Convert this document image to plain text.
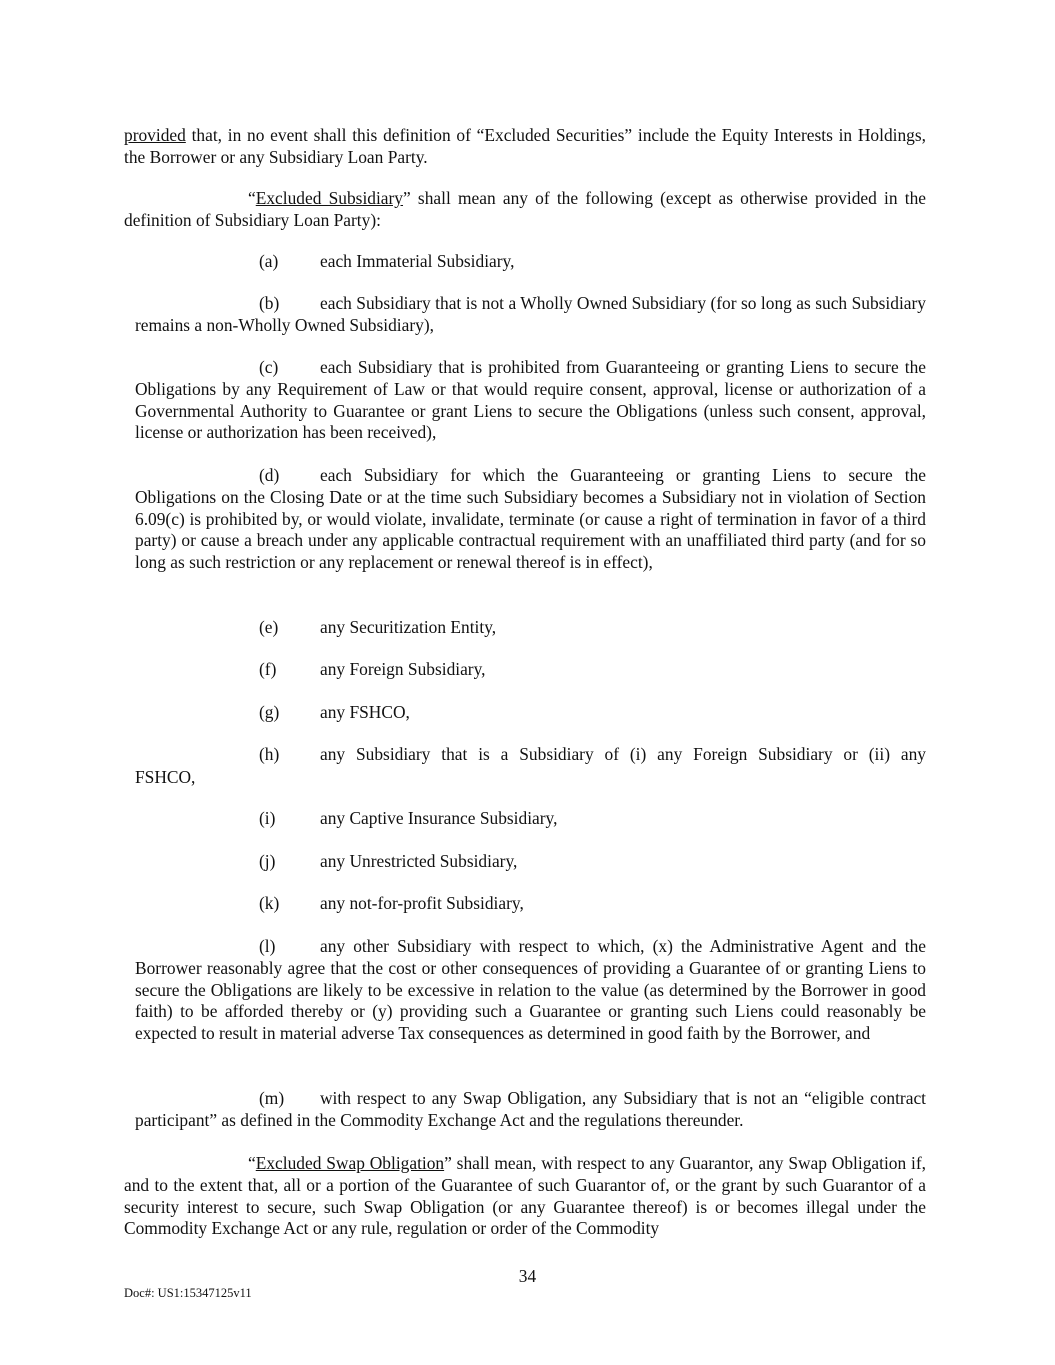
provided that, in no event shall this definition of “Excluded Securities” include the Equity Interests in Holdings, the Borrower or any Subsidiary Loan Party.
“Excluded Subsidiary” shall mean any of the following (except as otherwise provided in the definition of Subsidiary Loan Party):
(a) each Immaterial Subsidiary,
(b) each Subsidiary that is not a Wholly Owned Subsidiary (for so long as such Subsidiary remains a non-Wholly Owned Subsidiary),
(c) each Subsidiary that is prohibited from Guaranteeing or granting Liens to secure the Obligations by any Requirement of Law or that would require consent, approval, license or authorization of a Governmental Authority to Guarantee or grant Liens to secure the Obligations (unless such consent, approval, license or authorization has been received),
(d) each Subsidiary for which the Guaranteeing or granting Liens to secure the Obligations on the Closing Date or at the time such Subsidiary becomes a Subsidiary not in violation of Section 6.09(c) is prohibited by, or would violate, invalidate, terminate (or cause a right of termination in favor of a third party) or cause a breach under any applicable contractual requirement with an unaffiliated third party (and for so long as such restriction or any replacement or renewal thereof is in effect),
(e) any Securitization Entity,
(f)	any Foreign Subsidiary,
(g) any FSHCO,
(h) any Subsidiary that is a Subsidiary of (i) any Foreign Subsidiary or (ii) any
FSHCO,
(i)	any Captive Insurance Subsidiary,
(j)	any Unrestricted Subsidiary,
(k) any not-for-profit Subsidiary,
(l)	any other Subsidiary with respect to which, (x) the Administrative Agent and the Borrower reasonably agree that the cost or other consequences of providing a Guarantee of or granting Liens to secure the Obligations are likely to be excessive in relation to the value (as determined by the Borrower in good faith) to be afforded thereby or (y) providing such a Guarantee or granting such Liens could reasonably be expected to result in material adverse Tax consequences as determined in good faith by the Borrower, and
(m) with respect to any Swap Obligation, any Subsidiary that is not an “eligible contract participant” as defined in the Commodity Exchange Act and the regulations thereunder.
“Excluded Swap Obligation” shall mean, with respect to any Guarantor, any Swap Obligation if, and to the extent that, all or a portion of the Guarantee of such Guarantor of, or the grant by such Guarantor of a security interest to secure, such Swap Obligation (or any Guarantee thereof) is or becomes illegal under the Commodity Exchange Act or any rule, regulation or order of the Commodity
34
Doc#: US1:15347125v11
